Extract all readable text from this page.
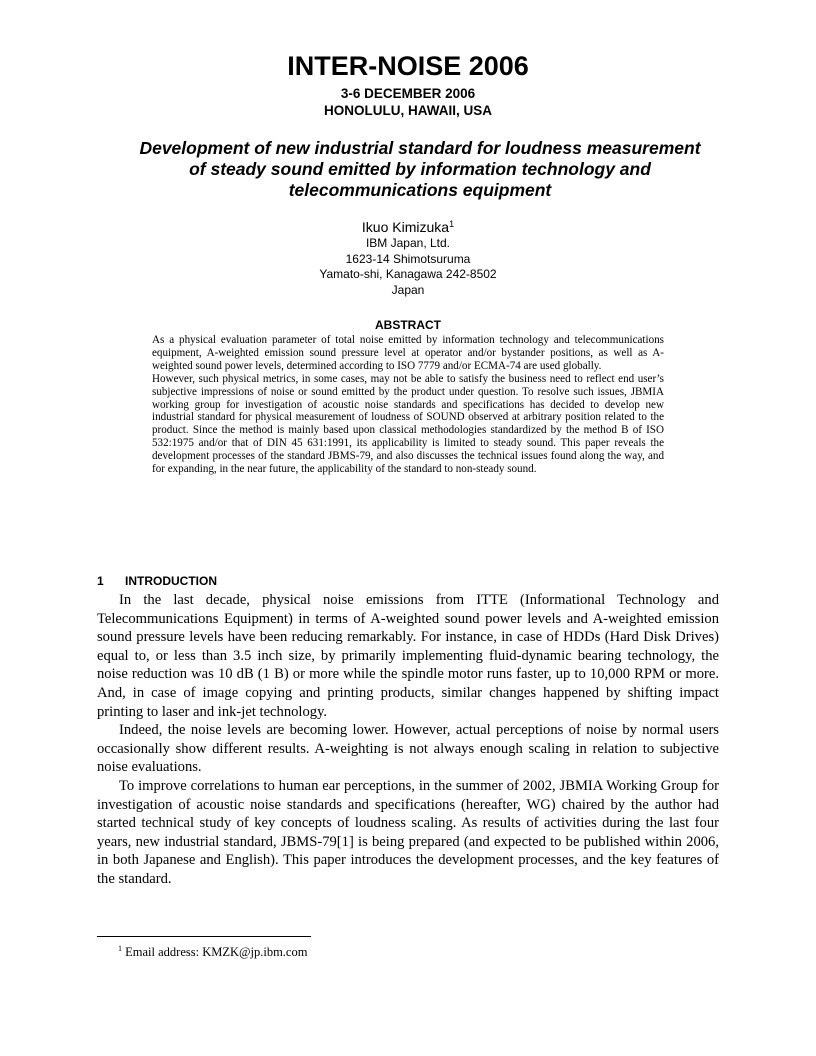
INTER-NOISE 2006
3-6 DECEMBER 2006
HONOLULU, HAWAII, USA
Development of new industrial standard for loudness measurement
of steady sound emitted by information technology and
telecommunications equipment
Ikuo Kimizuka$^1$
IBM Japan, Ltd.
1623-14 Shimotsuruma
Yamato-shi, Kanagawa 242-8502
Japan
ABSTRACT

As a physical evaluation parameter of total noise emitted by information technology and telecommunications equipment, A-weighted emission sound pressure level at operator and/or bystander positions, as well as A-weighted sound power levels, determined according to ISO 7779 and/or ECMA-74 are used globally.

However, such physical metrics, in some cases, may not be able to satisfy the business need to reflect end user’s subjective impressions of noise or sound emitted by the product under question. To resolve such issues, JBMIA working group for investigation of acoustic noise standards and specifications has decided to develop new industrial standard for physical measurement of loudness of SOUND observed at arbitrary position related to the product. Since the method is mainly based upon classical methodologies standardized by the method B of ISO 532:1975 and/or that of DIN 45 631:1991, its applicability is limited to steady sound. This paper reveals the development processes of the standard JBMS-79, and also discusses the technical issues found along the way, and for expanding, in the near future, the applicability of the standard to non-steady sound.

1 INTRODUCTION

In the last decade, physical noise emissions from ITTE (Informational Technology and Telecommunications Equipment) in terms of A-weighted sound power levels and A-weighted emission sound pressure levels have been reducing remarkably. For instance, in case of HDDs (Hard Disk Drives) equal to, or less than 3.5 inch size, by primarily implementing fluid-dynamic bearing technology, the noise reduction was 10 dB (1 B) or more while the spindle motor runs faster, up to 10,000 RPM or more. And, in case of image copying and printing products, similar changes happened by shifting impact printing to laser and ink-jet technology.

Indeed, the noise levels are becoming lower. However, actual perceptions of noise by normal users occasionally show different results. A-weighting is not always enough scaling in relation to subjective noise evaluations.

To improve correlations to human ear perceptions, in the summer of 2002, JBMIA Working Group for investigation of acoustic noise standards and specifications (hereafter, WG) chaired by the author had started technical study of key concepts of loudness scaling. As results of activities during the last four years, new industrial standard, JBMS-79[1] is being prepared (and expected to be published within 2006, in both Japanese and English). This paper introduces the development processes, and the key features of the standard.

$^1$ Email address: KMZK@jp.ibm.com
